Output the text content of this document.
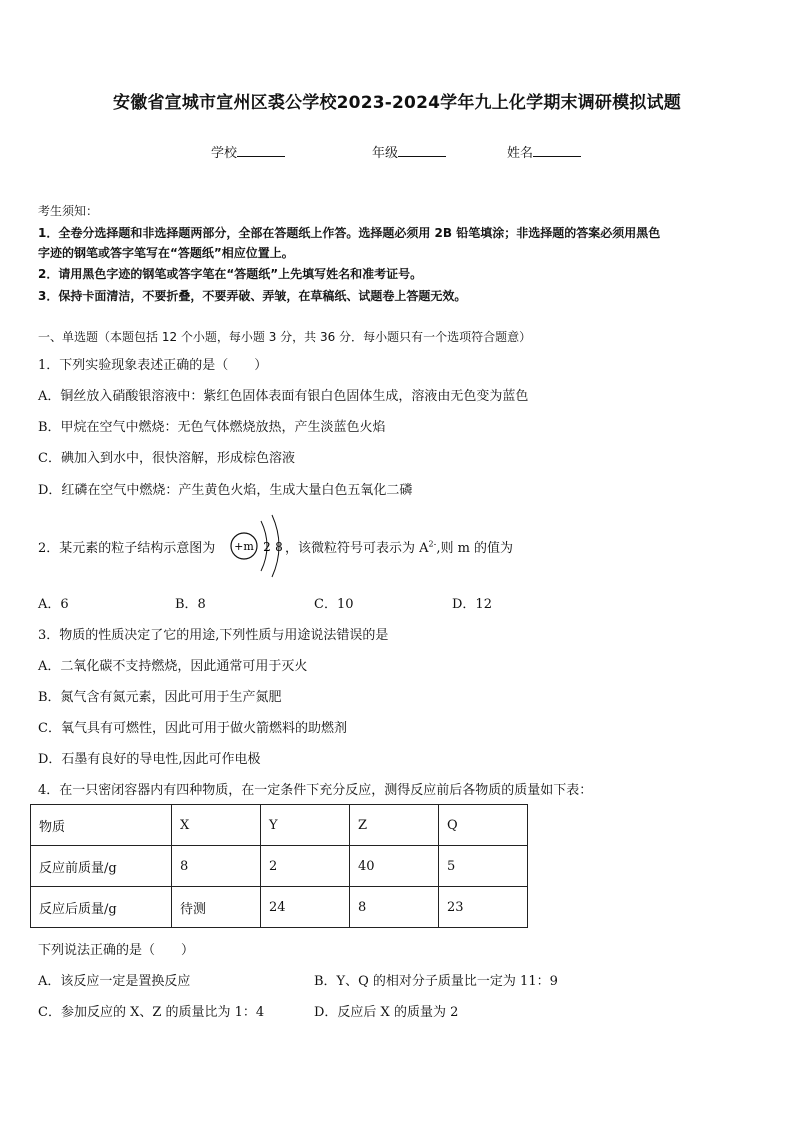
安徽省宣城市宣州区裘公学校2023-2024学年九上化学期末调研模拟试题
学校	年级	姓名
考生须知：
1．全卷分选择题和非选择题两部分，全部在答题纸上作答。选择题必须用 2B 铅笔填涂；非选择题的答案必须用黑色
字迹的钢笔或答字笔写在“答题纸”相应位置上。
2．请用黑色字迹的钢笔或答字笔在“答题纸”上先填写姓名和准考证号。
3．保持卡面清洁，不要折叠，不要弄破、弄皱，在草稿纸、试题卷上答题无效。
一、单选题（本题包括 12 个小题，每小题 3 分，共 36 分．每小题只有一个选项符合题意）
1．下列实验现象表述正确的是（　　）
A．铜丝放入硝酸银溶液中：紫红色固体表面有银白色固体生成，溶液由无色变为蓝色
B．甲烷在空气中燃烧：无色气体燃烧放热，产生淡蓝色火焰
C．碘加入到水中，很快溶解，形成棕色溶液
D．红磷在空气中燃烧：产生黄色火焰，生成大量白色五氧化二磷
2．某元素的粒子结构示意图为 +m 2 8 ，该微粒符号可表示为 $A^{2-}$,则 m 的值为
A．6	B．8	C．10	D．12
3．物质的性质决定了它的用途,下列性质与用途说法错误的是
A．二氧化碳不支持燃烧，因此通常可用于灭火
B．氮气含有氮元素，因此可用于生产氮肥
C．氧气具有可燃性，因此可用于做火箭燃料的助燃剂
D．石墨有良好的导电性,因此可作电极
4．在一只密闭容器内有四种物质，在一定条件下充分反应，测得反应前后各物质的质量如下表：
物质	X	Y	Z	Q
反应前质量/g	8	2	40	5
反应后质量/g	待测	24	8	23
下列说法正确的是（　　）
A．该反应一定是置换反应	B．Y、Q 的相对分子质量比一定为 11：9
C．参加反应的 X、Z 的质量比为 1：4	D．反应后 X 的质量为 2
